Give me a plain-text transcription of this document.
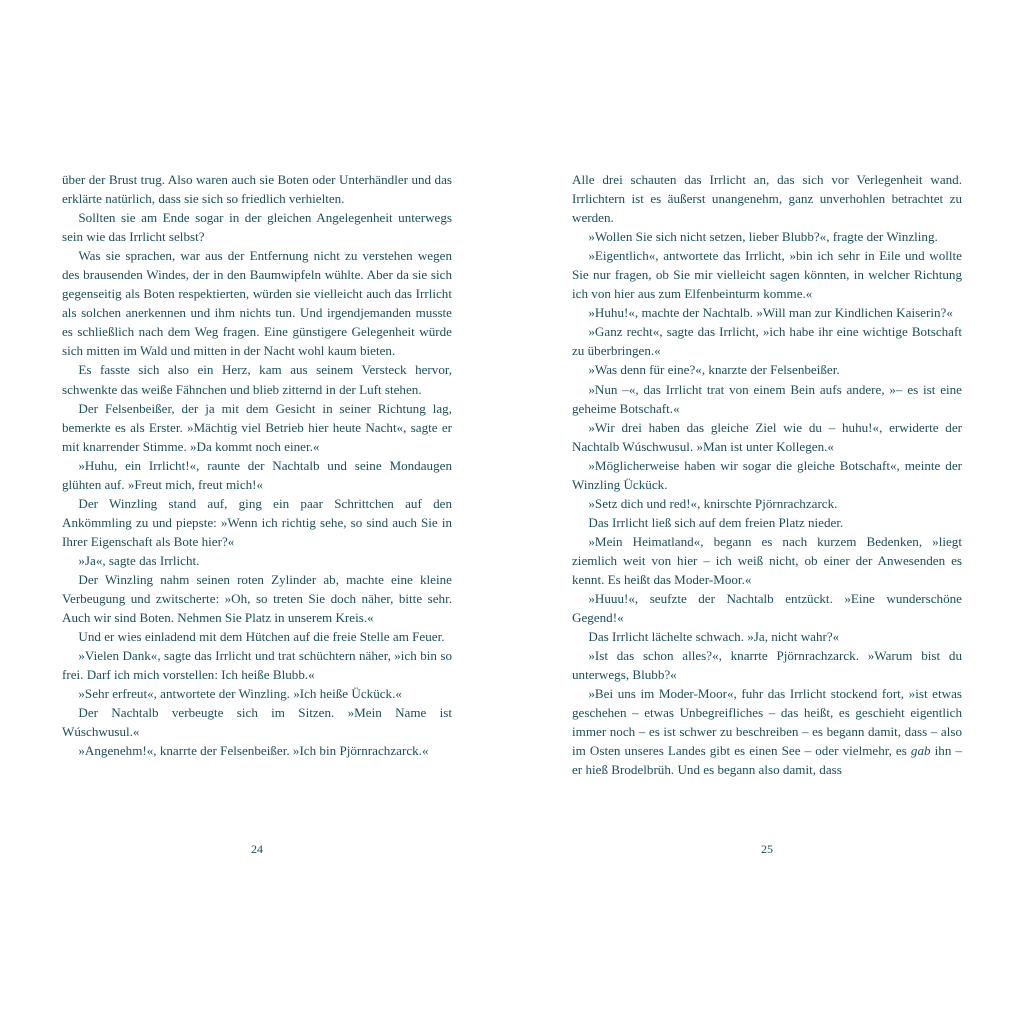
über der Brust trug. Also waren auch sie Boten oder Unterhändler und das erklärte natürlich, dass sie sich so friedlich verhielten.

Sollten sie am Ende sogar in der gleichen Angelegenheit unterwegs sein wie das Irrlicht selbst?

Was sie sprachen, war aus der Entfernung nicht zu verstehen wegen des brausenden Windes, der in den Baumwipfeln wühlte. Aber da sie sich gegenseitig als Boten respektierten, würden sie vielleicht auch das Irrlicht als solchen anerkennen und ihm nichts tun. Und irgendjemanden musste es schließlich nach dem Weg fragen. Eine günstigere Gelegenheit würde sich mitten im Wald und mitten in der Nacht wohl kaum bieten.

Es fasste sich also ein Herz, kam aus seinem Versteck hervor, schwenkte das weiße Fähnchen und blieb zitternd in der Luft stehen.

Der Felsenbeißer, der ja mit dem Gesicht in seiner Richtung lag, bemerkte es als Erster. »Mächtig viel Betrieb hier heute Nacht«, sagte er mit knarrender Stimme. »Da kommt noch einer.«

»Huhu, ein Irrlicht!«, raunte der Nachtalb und seine Mondaugen glühten auf. »Freut mich, freut mich!«

Der Winzling stand auf, ging ein paar Schrittchen auf den Ankömmling zu und piepste: »Wenn ich richtig sehe, so sind auch Sie in Ihrer Eigenschaft als Bote hier?«

»Ja«, sagte das Irrlicht.

Der Winzling nahm seinen roten Zylinder ab, machte eine kleine Verbeugung und zwitscherte: »Oh, so treten Sie doch näher, bitte sehr. Auch wir sind Boten. Nehmen Sie Platz in unserem Kreis.«

Und er wies einladend mit dem Hütchen auf die freie Stelle am Feuer.

»Vielen Dank«, sagte das Irrlicht und trat schüchtern näher, »ich bin so frei. Darf ich mich vorstellen: Ich heiße Blubb.«

»Sehr erfreut«, antwortete der Winzling. »Ich heiße Ückück.«

Der Nachtalb verbeugte sich im Sitzen. »Mein Name ist Wúschwusul.«

»Angenehm!«, knarrte der Felsenbeißer. »Ich bin Pjörnrachzarck.«

24

Alle drei schauten das Irrlicht an, das sich vor Verlegenheit wand. Irrlichtern ist es äußerst unangenehm, ganz unverhohlen betrachtet zu werden.

»Wollen Sie sich nicht setzen, lieber Blubb?«, fragte der Winzling.

»Eigentlich«, antwortete das Irrlicht, »bin ich sehr in Eile und wollte Sie nur fragen, ob Sie mir vielleicht sagen könnten, in welcher Richtung ich von hier aus zum Elfenbeinturm komme.«

»Huhu!«, machte der Nachtalb. »Will man zur Kindlichen Kaiserin?«

»Ganz recht«, sagte das Irrlicht, »ich habe ihr eine wichtige Botschaft zu überbringen.«

»Was denn für eine?«, knarzte der Felsenbeißer.

»Nun –«, das Irrlicht trat von einem Bein aufs andere, »– es ist eine geheime Botschaft.«

»Wir drei haben das gleiche Ziel wie du – huhu!«, erwiderte der Nachtalb Wúschwusul. »Man ist unter Kollegen.«

»Möglicherweise haben wir sogar die gleiche Botschaft«, meinte der Winzling Ückück.

»Setz dich und red!«, knirschte Pjörnrachzarck.

Das Irrlicht ließ sich auf dem freien Platz nieder.

»Mein Heimatland«, begann es nach kurzem Bedenken, »liegt ziemlich weit von hier – ich weiß nicht, ob einer der Anwesenden es kennt. Es heißt das Moder-Moor.«

»Huuu!«, seufzte der Nachtalb entzückt. »Eine wunderschöne Gegend!«

Das Irrlicht lächelte schwach. »Ja, nicht wahr?«

»Ist das schon alles?«, knarrte Pjörnrachzarck. »Warum bist du unterwegs, Blubb?«

»Bei uns im Moder-Moor«, fuhr das Irrlicht stockend fort, »ist etwas geschehen – etwas Unbegreifliches – das heißt, es geschieht eigentlich immer noch – es ist schwer zu beschreiben – es begann damit, dass – also im Osten unseres Landes gibt es einen See – oder vielmehr, es gab ihn – er hieß Brodelbrüh. Und es begann also damit, dass

25
